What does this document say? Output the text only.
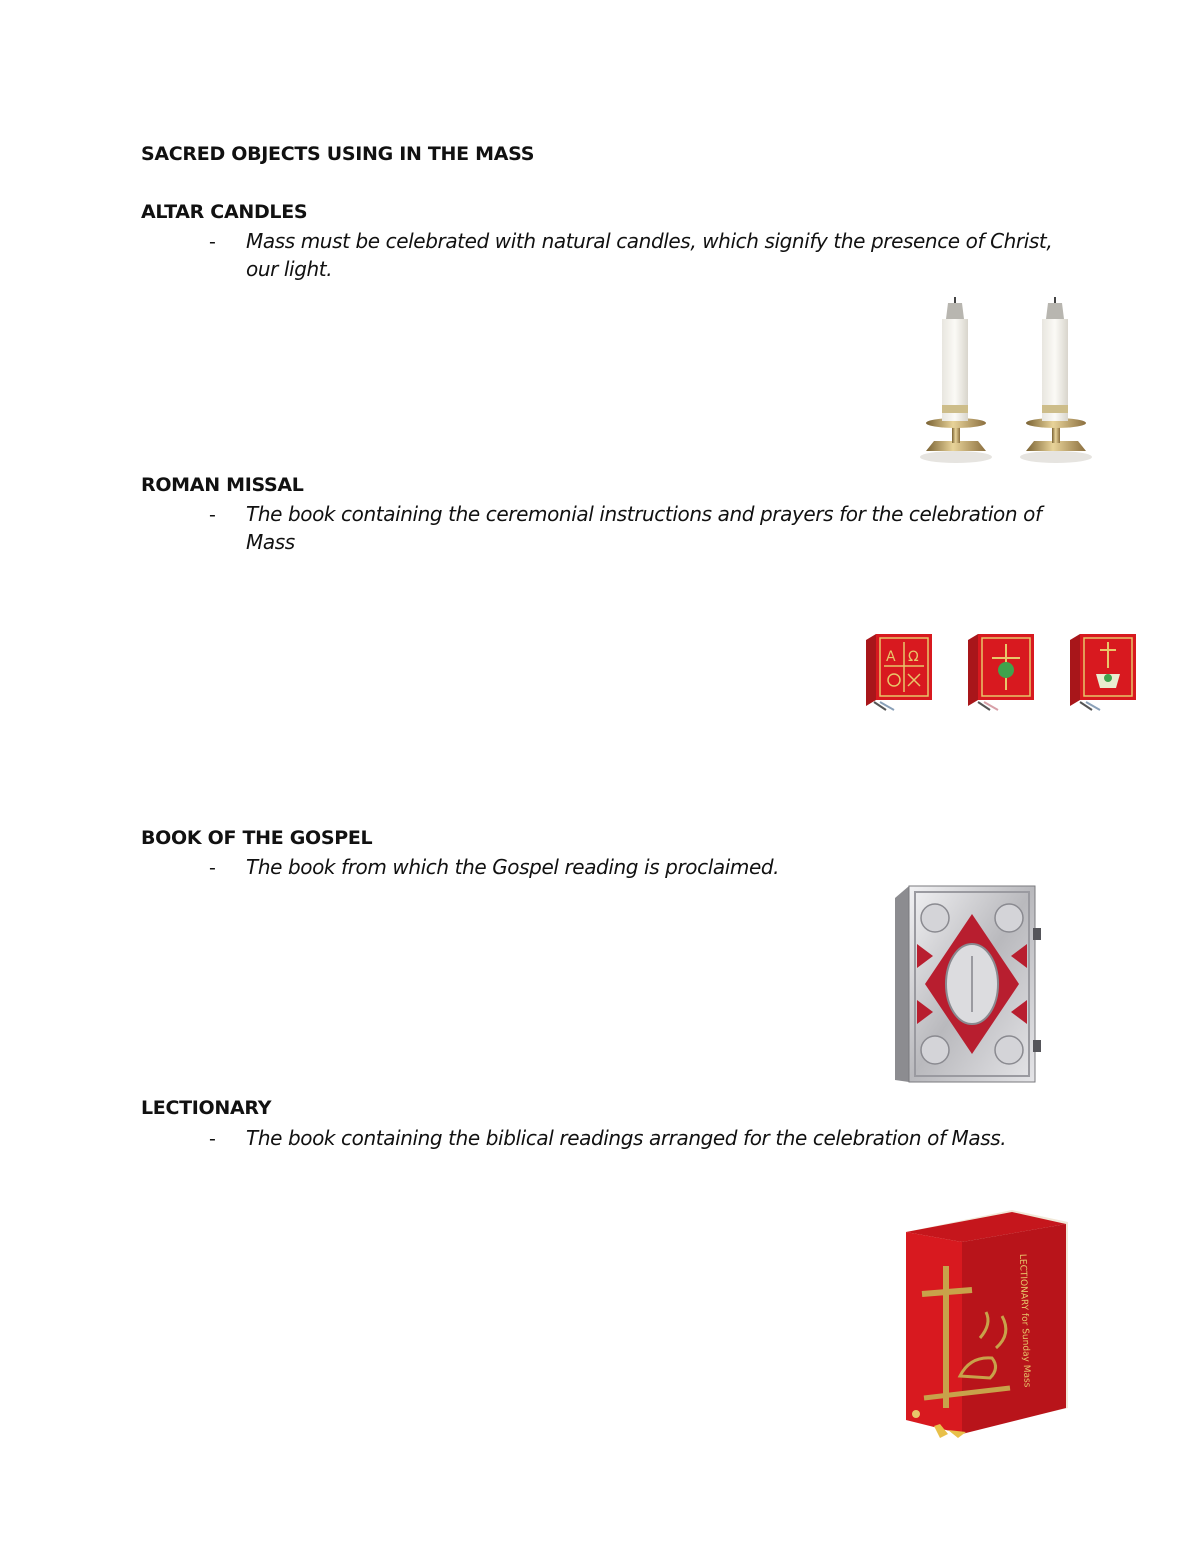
SACRED OBJECTS USING IN THE MASS
ALTAR CANDLES
- Mass must be celebrated with natural candles, which signify the presence of Christ, our light.
ROMAN MISSAL
- The book containing the ceremonial instructions and prayers for the celebration of Mass
A Ω
BOOK OF THE GOSPEL
- The book from which the Gospel reading is proclaimed.
LECTIONARY
- The book containing the biblical readings arranged for the celebration of Mass.
LECTIONARY for Sunday Mass
